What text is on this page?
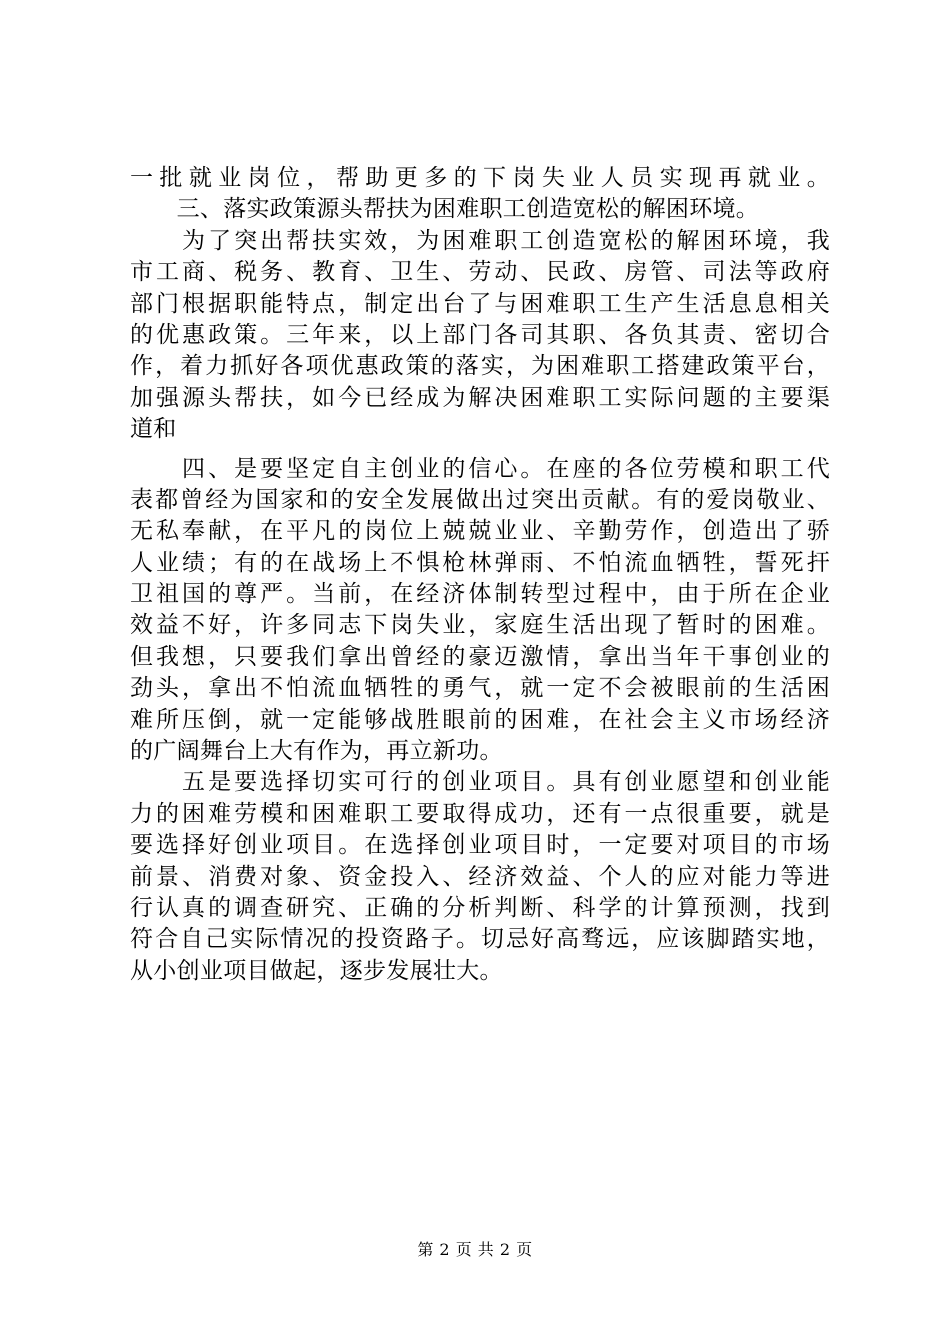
一批就业岗位，帮助更多的下岗失业人员实现再就业。
　　三、落实政策源头帮扶为困难职工创造宽松的解困环境。
　　为了突出帮扶实效，为困难职工创造宽松的解困环境，我
市工商、税务、教育、卫生、劳动、民政、房管、司法等政府
部门根据职能特点，制定出台了与困难职工生产生活息息相关
的优惠政策。三年来，以上部门各司其职、各负其责、密切合
作，着力抓好各项优惠政策的落实，为困难职工搭建政策平台，
加强源头帮扶，如今已经成为解决困难职工实际问题的主要渠
道和
　　四、是要坚定自主创业的信心。在座的各位劳模和职工代
表都曾经为国家和的安全发展做出过突出贡献。有的爱岗敬业、
无私奉献，在平凡的岗位上兢兢业业、辛勤劳作，创造出了骄
人业绩；有的在战场上不惧枪林弹雨、不怕流血牺牲，誓死扞
卫祖国的尊严。当前，在经济体制转型过程中，由于所在企业
效益不好，许多同志下岗失业，家庭生活出现了暂时的困难。
但我想，只要我们拿出曾经的豪迈激情，拿出当年干事创业的
劲头，拿出不怕流血牺牲的勇气，就一定不会被眼前的生活困
难所压倒，就一定能够战胜眼前的困难，在社会主义市场经济
的广阔舞台上大有作为，再立新功。
　　五是要选择切实可行的创业项目。具有创业愿望和创业能
力的困难劳模和困难职工要取得成功，还有一点很重要，就是
要选择好创业项目。在选择创业项目时，一定要对项目的市场
前景、消费对象、资金投入、经济效益、个人的应对能力等进
行认真的调查研究、正确的分析判断、科学的计算预测，找到
符合自己实际情况的投资路子。切忌好高骛远，应该脚踏实地，
从小创业项目做起，逐步发展壮大。
第 2 页 共 2 页
